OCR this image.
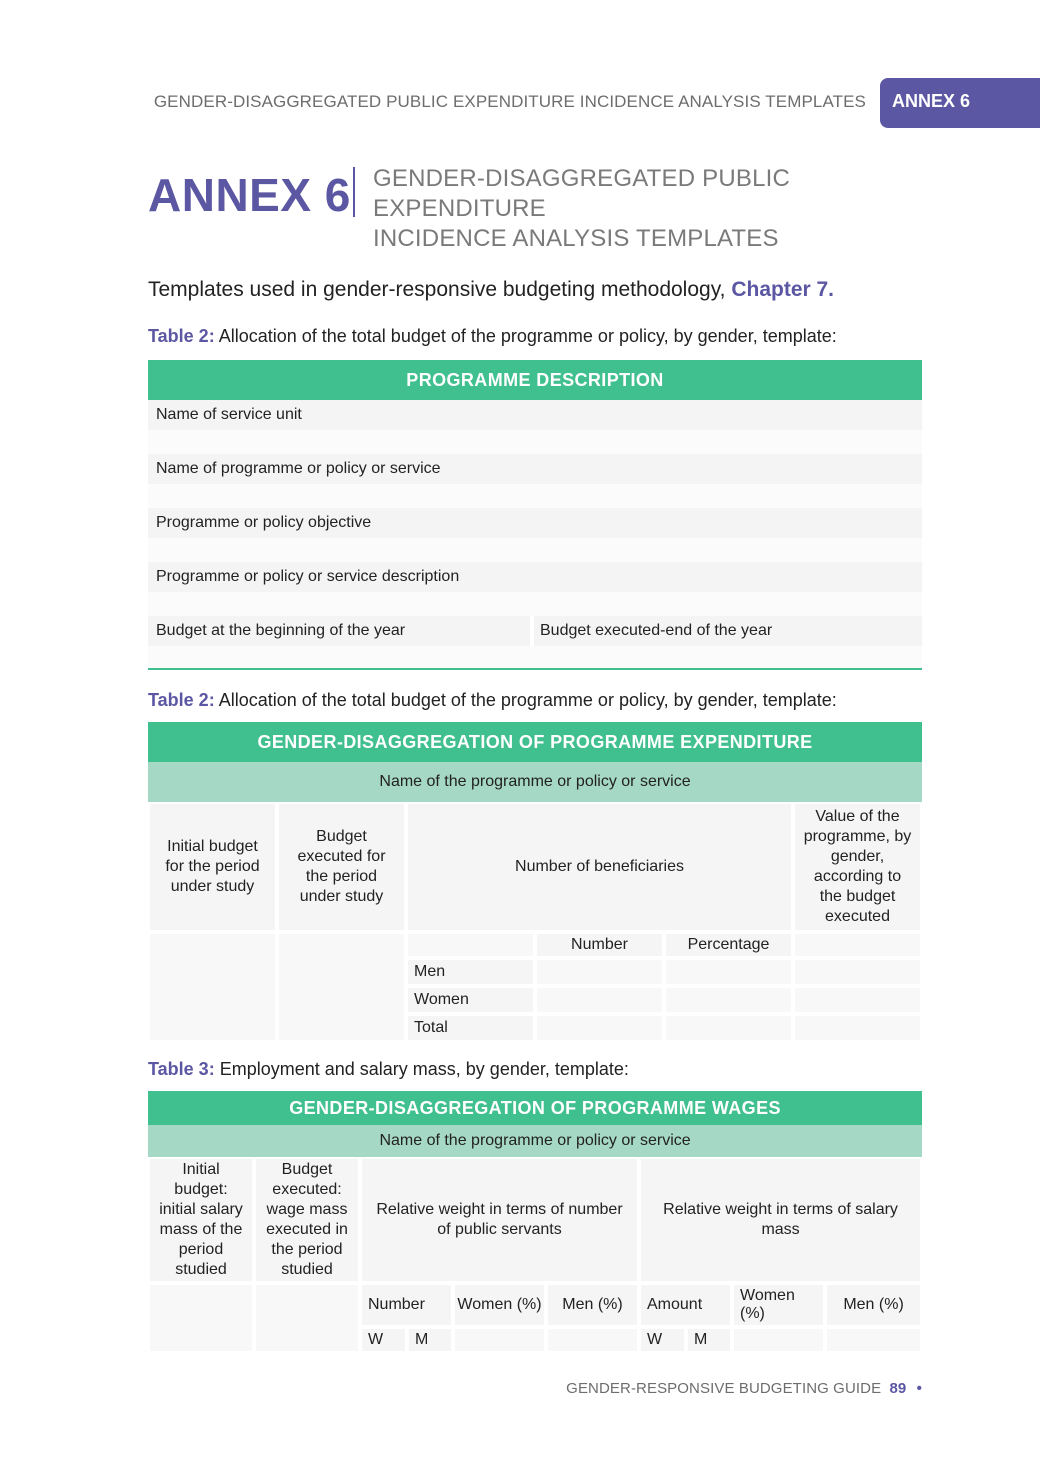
GENDER-DISAGGREGATED PUBLIC EXPENDITURE INCIDENCE ANALYSIS TEMPLATES	ANNEX 6
ANNEX 6 GENDER-DISAGGREGATED PUBLIC EXPENDITURE
INCIDENCE ANALYSIS TEMPLATES
Templates used in gender-responsive budgeting methodology, Chapter 7.
Table 2: Allocation of the total budget of the programme or policy, by gender, template:
PROGRAMME DESCRIPTION
Name of service unit

Name of programme or policy or service

Programme or policy objective

Programme or policy or service description

Budget at the beginning of the year	Budget executed-end of the year

Table 2: Allocation of the total budget of the programme or policy, by gender, template:
GENDER-DISAGGREGATION OF PROGRAMME EXPENDITURE					
Name of the programme or policy or service					
Initial budget for the period under study	Budget executed for the period under study	Number of beneficiaries			Value of the programme, by gender, according to the budget executed
			Number	Percentage	
		Men			
		Women			
		Total			
Table 3: Employment and salary mass, by gender, template:
GENDER-DISAGGREGATION OF PROGRAMME WAGES									
Name of the programme or policy or service									
Initial budget: initial salary mass of the period studied	Budget executed: wage mass executed in the period studied	Relative weight in terms of number of public servants				Relative weight in terms of salary mass			
		Number		Women (%)	Men (%)	Amount		Women (%)	Men (%)
		W	M			W	M		
GENDER-RESPONSIVE BUDGETING GUIDE 89 •
